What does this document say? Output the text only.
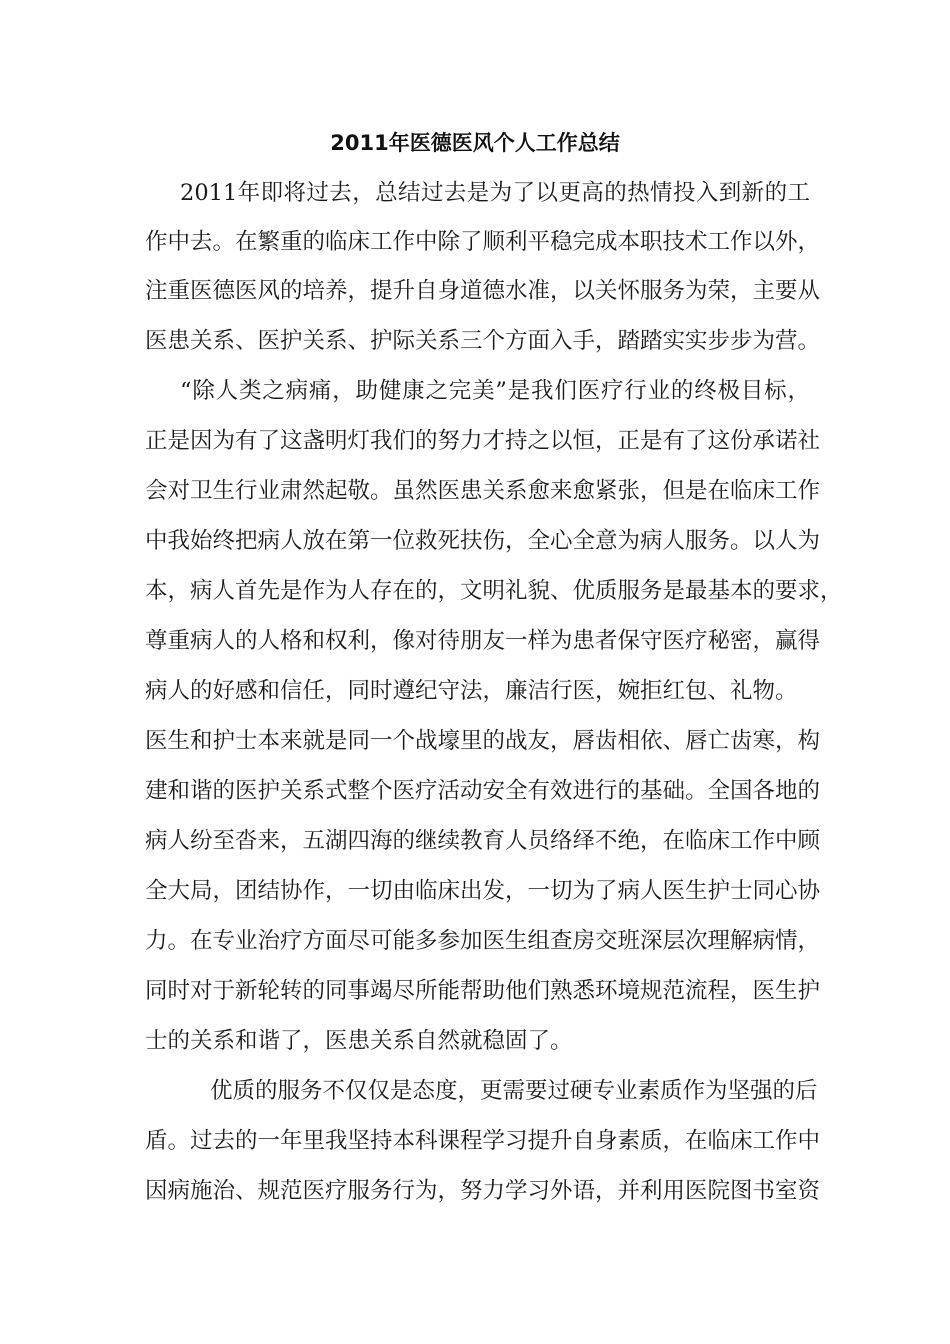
2011年医德医风个人工作总结
2011年即将过去，总结过去是为了以更高的热情投入到新的工
作中去。在繁重的临床工作中除了顺利平稳完成本职技术工作以外，
注重医德医风的培养，提升自身道德水准，以关怀服务为荣，主要从
医患关系、医护关系、护际关系三个方面入手，踏踏实实步步为营。
“除人类之病痛，助健康之完美”是我们医疗行业的终极目标，
正是因为有了这盏明灯我们的努力才持之以恒，正是有了这份承诺社
会对卫生行业肃然起敬。虽然医患关系愈来愈紧张，但是在临床工作
中我始终把病人放在第一位救死扶伤，全心全意为病人服务。以人为
本，病人首先是作为人存在的，文明礼貌、优质服务是最基本的要求，
尊重病人的人格和权利，像对待朋友一样为患者保守医疗秘密，赢得
病人的好感和信任，同时遵纪守法，廉洁行医，婉拒红包、礼物。
医生和护士本来就是同一个战壕里的战友，唇齿相依、唇亡齿寒，构
建和谐的医护关系式整个医疗活动安全有效进行的基础。全国各地的
病人纷至沓来，五湖四海的继续教育人员络绎不绝，在临床工作中顾
全大局，团结协作，一切由临床出发，一切为了病人医生护士同心协
力。在专业治疗方面尽可能多参加医生组查房交班深层次理解病情，
同时对于新轮转的同事竭尽所能帮助他们熟悉环境规范流程，医生护
士的关系和谐了，医患关系自然就稳固了。
优质的服务不仅仅是态度，更需要过硬专业素质作为坚强的后
盾。过去的一年里我坚持本科课程学习提升自身素质，在临床工作中
因病施治、规范医疗服务行为，努力学习外语，并利用医院图书室资
